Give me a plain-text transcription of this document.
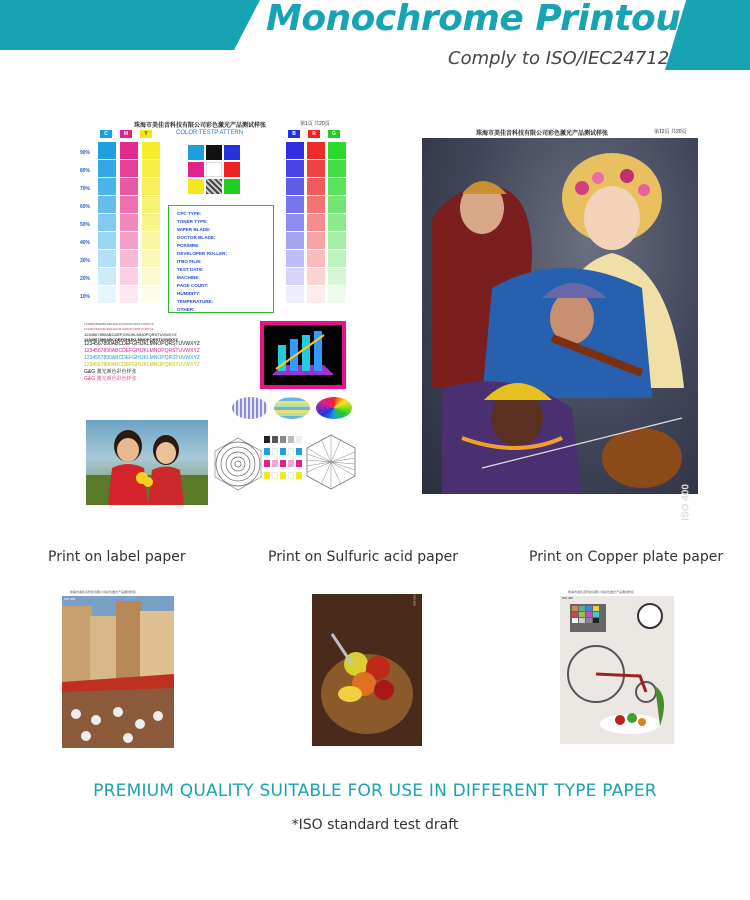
Monochrome Printout
Comply to ISO/IEC24712
珠海市美佳音科技有限公司彩色激光产品测试样张	第1页 共20页
C	M	Y	COLOR TESTP ATTERN	B	R	G
90%
80%
70%
60%
50%
40%
30%
20%
10%
CPC TYPE:
TONER TYPE:
WIPER BLADE:
DOCTOR BLADE:
PCR/MRE:
DEVELOPER ROLLER:
ITBO FILM:
TEST DATE:
MACHINE:
PAGE COUNT:
HUMIDITY:
TEMPERATURE:
OTHER:
1234567890ABCDEFGHIJKLMNOPQRSTUVWXYZ
1234567890ABCDEFGHIJKLMNOPQRSTUVWXYZ
1234567890ABCDEFGHIJKLMNOPQRSTUVWXYZ
1234567890ABCDEFGHIJKLMNOPQRSTUVWXYZ
1234567890ABCDEFGHIJKLMNOPQRSTUVWXYZ
1234567890ABCDEFGHIJKLMNOPQRSTUVWXYZ
1234567890ABCDEFGHIJKLMNOPQRSTUVWXYZ
1234567890ABCDEFGHIJKLMNOPQRSTUVWXYZ
G&G 激光颜色彩色样张
G&G 激光颜色彩色样张
珠海市美佳音科技有限公司彩色激光产品测试样张	第12页 共20页
ISO 400
Print on label paper	Print on Sulfuric acid paper	Print on Copper plate paper
珠海市美佳音科技有限公司彩色激光产品测试样张
ISO 400	ISO 400
珠海市美佳音科技有限公司彩色激光产品测试样张
ISO 400
PREMIUM QUALITY SUITABLE FOR USE IN DIFFERENT TYPE PAPER
*ISO standard test draft
